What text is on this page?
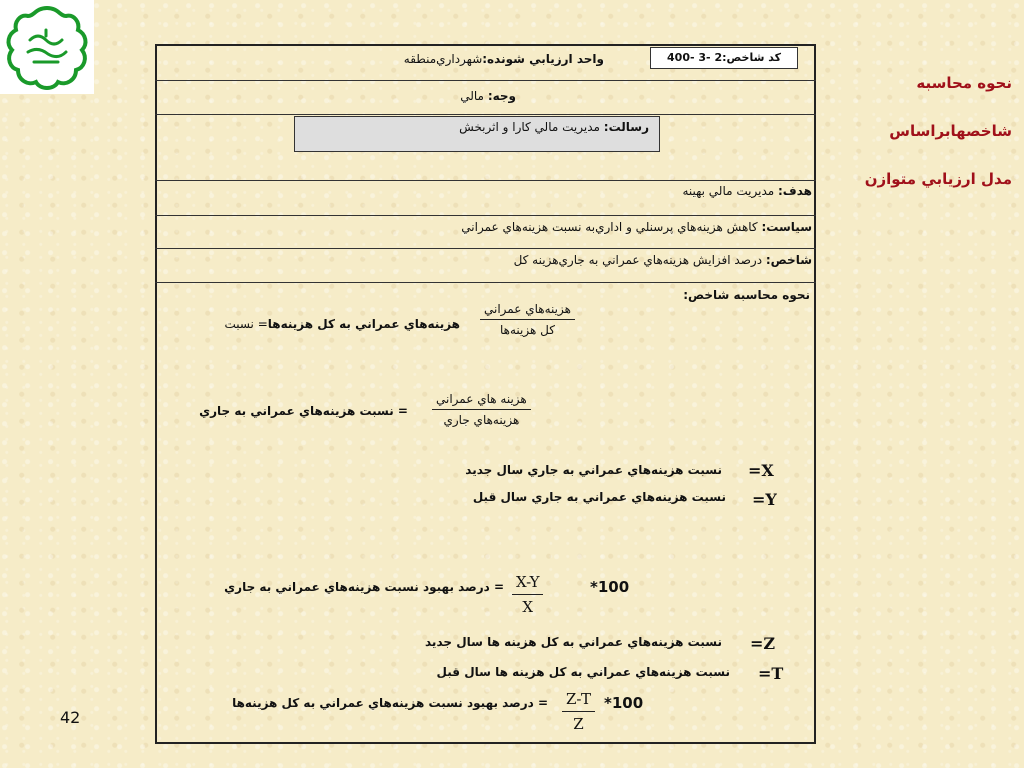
نحوه محاسبه
شاخصهابراساس
مدل ارزيابي متوازن
كد شاخص:2 -3 -400
واحد ارزيابي شونده:شهرداري‌منطقه
وجه: مالي
رسالت: مديريت مالي كارا و اثربخش
هدف: مديريت مالي بهينه
سياست: كاهش هزينه‌هاي پرسنلي و اداري‌به نسبت هزينه‌هاي عمراني
شاخص: درصد افزايش هزينه‌هاي عمراني به جاري‌هزينه كل
نحوه محاسبه شاخص:
$\frac{\text{هزينه‌هاي عمراني}}{\text{كل هزينه‌ها}}$
هزينه‌هاي عمراني به كل هزينه‌ها= نسبت
$\frac{\text{هزينه هاي عمراني}}{\text{هزينه‌هاي جاري}}$
= نسبت هزينه‌هاي عمراني به جاري
=X
نسبت هزينه‌هاي عمراني به جاري سال جديد
=Y
نسبت هزينه‌هاي عمراني به جاري سال قبل
$\frac{X-Y}{X}$
= درصد بهبود نسبت هزينه‌هاي عمراني به جاري	*100
=Z
نسبت هزينه‌هاي عمراني به كل هزينه ها سال جديد
=T
نسبت هزينه‌هاي عمراني به كل هزينه ها سال قبل
$\frac{Z-T}{Z}$
= درصد بهبود نسبت هزينه‌هاي عمراني به كل هزينه‌ها	*100
42
